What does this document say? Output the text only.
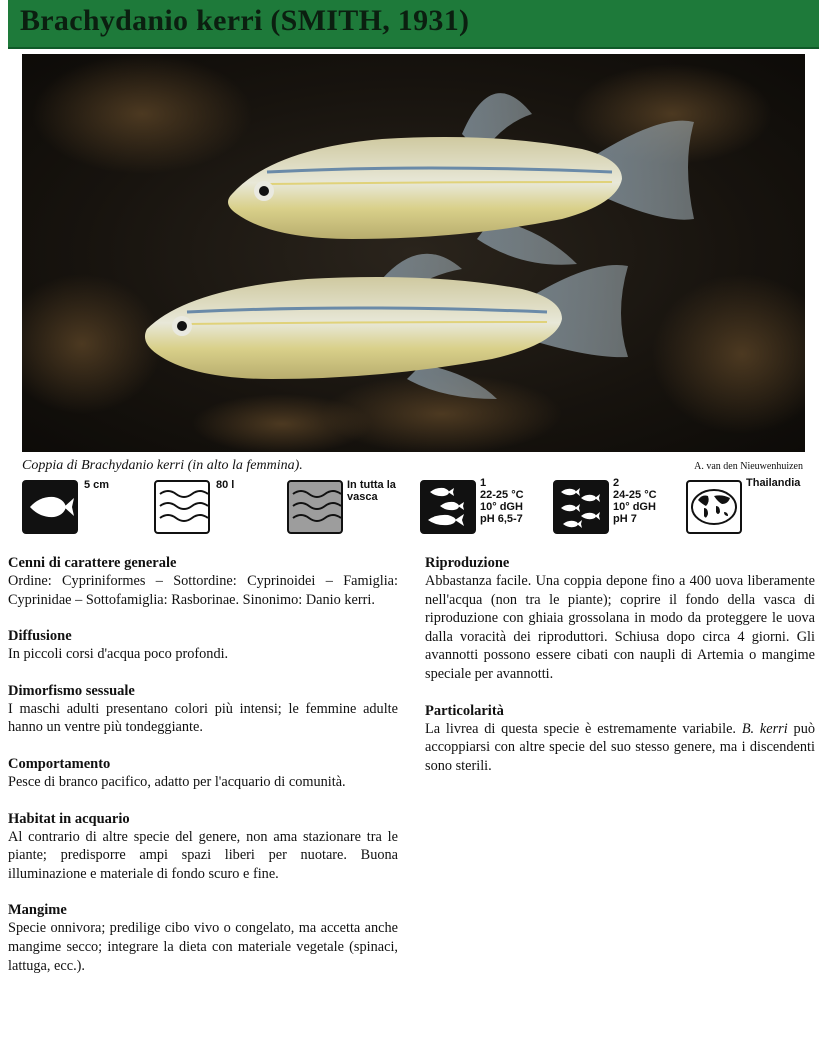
Brachydanio kerri (SMITH, 1931)
Coppia di Brachydanio kerri (in alto la femmina).	A. van den Nieuwenhuizen
5 cm	80 l	In tutta la
vasca
1
22-25 °C
10° dGH
pH 6,5-7
2
24-25 °C
10° dGH
pH 7
Thailandia
Cenni di carattere generale

Ordine: Cypriniformes – Sottordine: Cyprinoidei – Famiglia: Cyprinidae – Sottofamiglia: Rasborinae. Sinonimo: Danio kerri.

Diffusione

In piccoli corsi d'acqua poco profondi.

Dimorfismo sessuale

I maschi adulti presentano colori più intensi; le femmine adulte hanno un ventre più tondeggiante.

Comportamento

Pesce di branco pacifico, adatto per l'acquario di comunità.

Habitat in acquario

Al contrario di altre specie del genere, non ama stazionare tra le piante; predisporre ampi spazi liberi per nuotare. Buona illuminazione e materiale di fondo scuro e fine.

Mangime

Specie onnivora; predilige cibo vivo o congelato, ma accetta anche mangime secco; integrare la dieta con materiale vegetale (spinaci, lattuga, ecc.).

Riproduzione

Abbastanza facile. Una coppia depone fino a 400 uova liberamente nell'acqua (non tra le piante); coprire il fondo della vasca di riproduzione con ghiaia grossolana in modo da proteggere le uova dalla voracità dei riproduttori. Schiusa dopo circa 4 giorni. Gli avannotti possono essere cibati con naupli di Artemia o mangime speciale per avannotti.

Particolarità

La livrea di questa specie è estremamente variabile. B. kerri può accoppiarsi con altre specie del suo stesso genere, ma i discendenti sono sterili.
